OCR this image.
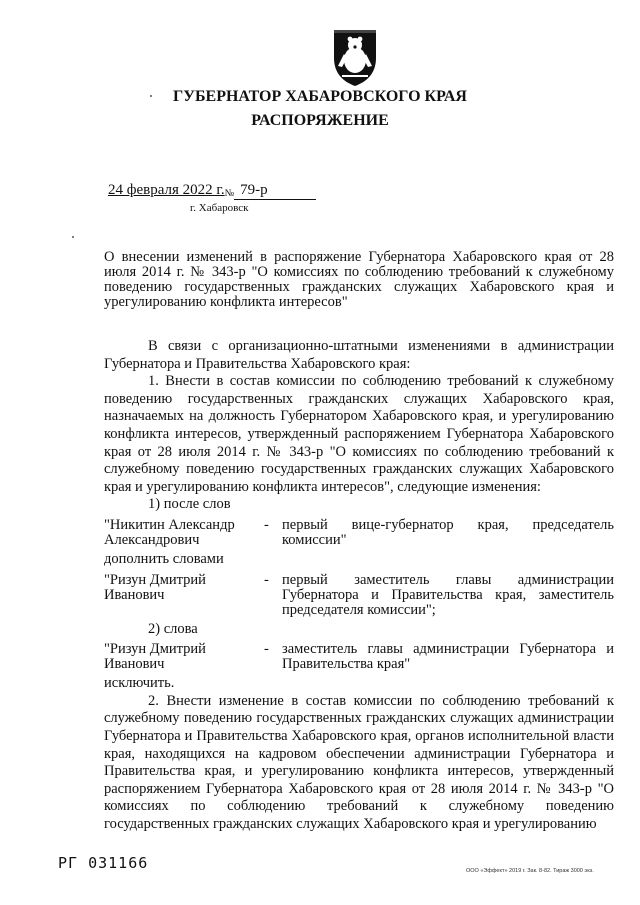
ГУБЕРНАТОР ХАБАРОВСКОГО КРАЯ
РАСПОРЯЖЕНИЕ
24 февраля 2022 г.№ 79-р
г. Хабаровск
О внесении изменений в распоряжение Губернатора Хабаровского края от 28 июля 2014 г. № 343-р "О комиссиях по соблюдению требований к служебному поведению государственных гражданских служащих Хабаровского края и урегулированию конфликта интересов"

В связи с организационно-штатными изменениями в администрации Губернатора и Правительства Хабаровского края:

1. Внести в состав комиссии по соблюдению требований к служебному поведению государственных гражданских служащих Хабаровского края, назначаемых на должность Губернатором Хабаровского края, и урегулированию конфликта интересов, утвержденный распоряжением Губернатора Хабаровского края от 28 июля 2014 г. № 343-р "О комиссиях по соблюдению требований к служебному поведению государственных гражданских служащих Хабаровского края и урегулированию конфликта интересов", следующие изменения:

1) после слов

"Никитин Александр Александрович
- первый вице-губернатор края, председатель комиссии"

дополнить словами

"Ризун Дмитрий Иванович
- первый заместитель главы администрации Губернатора и Правительства края, заместитель председателя комиссии";

2) слова

"Ризун Дмитрий Иванович
- заместитель главы администрации Губернатора и Правительства края"

исключить.

2. Внести изменение в состав комиссии по соблюдению требований к служебному поведению государственных гражданских служащих администрации Губернатора и Правительства Хабаровского края, органов исполнительной власти края, находящихся на кадровом обеспечении администрации Губернатора и Правительства края, и урегулированию конфликта интересов, утвержденный распоряжением Губернатора Хабаровского края от 28 июля 2014 г. № 343-р "О комиссиях по соблюдению требований к служебному поведению государственных гражданских служащих Хабаровского края и урегулированию

РГ 031166	ООО «Эффект» 2019 г. Зак. 8-82. Тираж 3000 экз.
